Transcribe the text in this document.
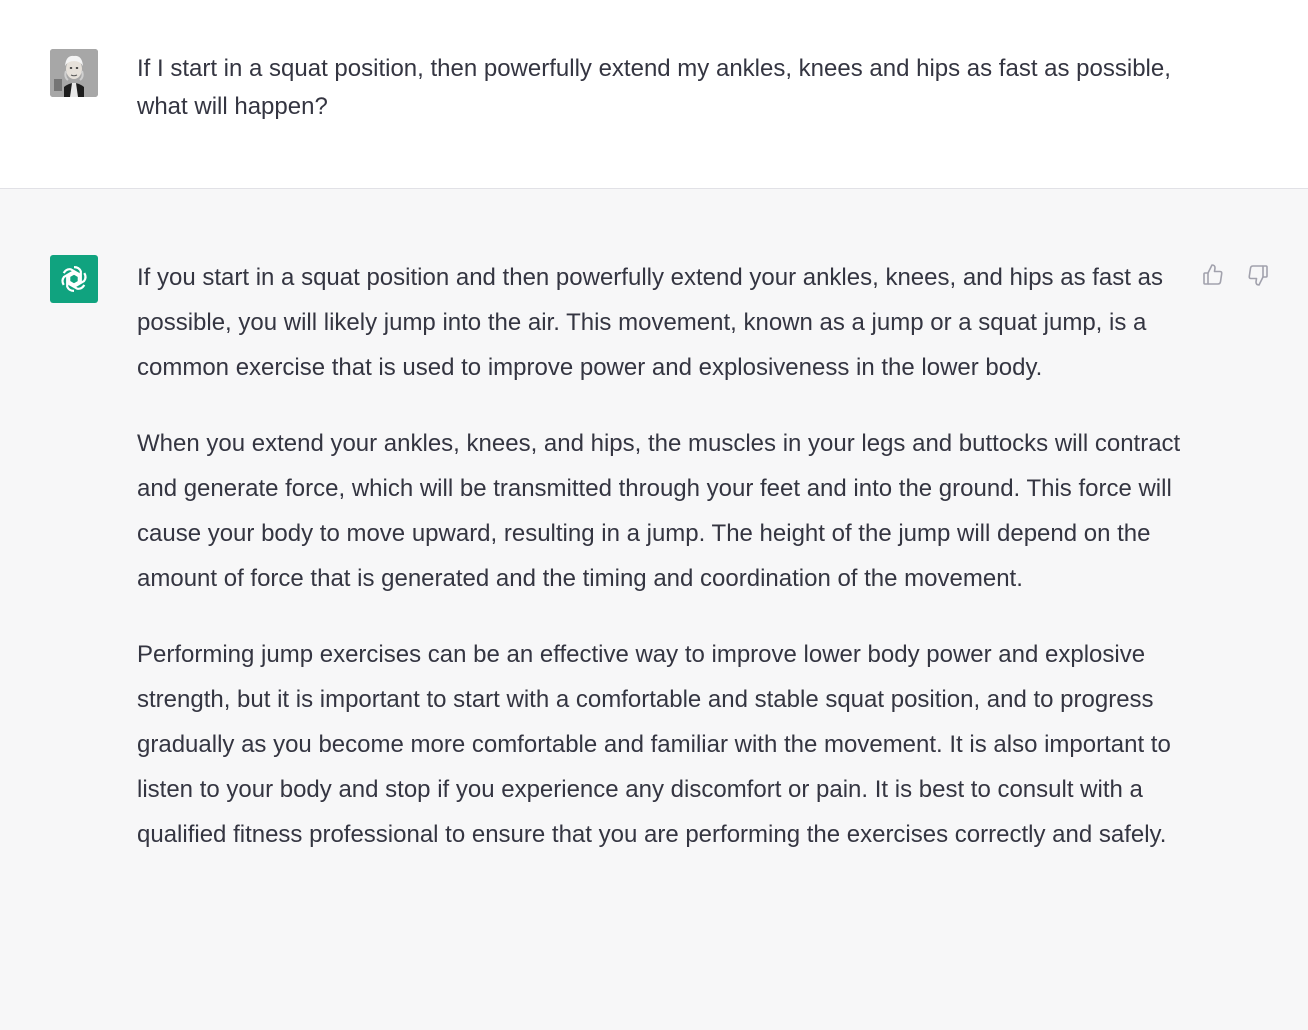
If I start in a squat position, then powerfully extend my ankles, knees and hips as fast as possible, what will happen?

If you start in a squat position and then powerfully extend your ankles, knees, and hips as fast as possible, you will likely jump into the air. This movement, known as a jump or a squat jump, is a common exercise that is used to improve power and explosiveness in the lower body.

When you extend your ankles, knees, and hips, the muscles in your legs and buttocks will contract and generate force, which will be transmitted through your feet and into the ground. This force will cause your body to move upward, resulting in a jump. The height of the jump will depend on the amount of force that is generated and the timing and coordination of the movement.

Performing jump exercises can be an effective way to improve lower body power and explosive strength, but it is important to start with a comfortable and stable squat position, and to progress gradually as you become more comfortable and familiar with the movement. It is also important to listen to your body and stop if you experience any discomfort or pain. It is best to consult with a qualified fitness professional to ensure that you are performing the exercises correctly and safely.
